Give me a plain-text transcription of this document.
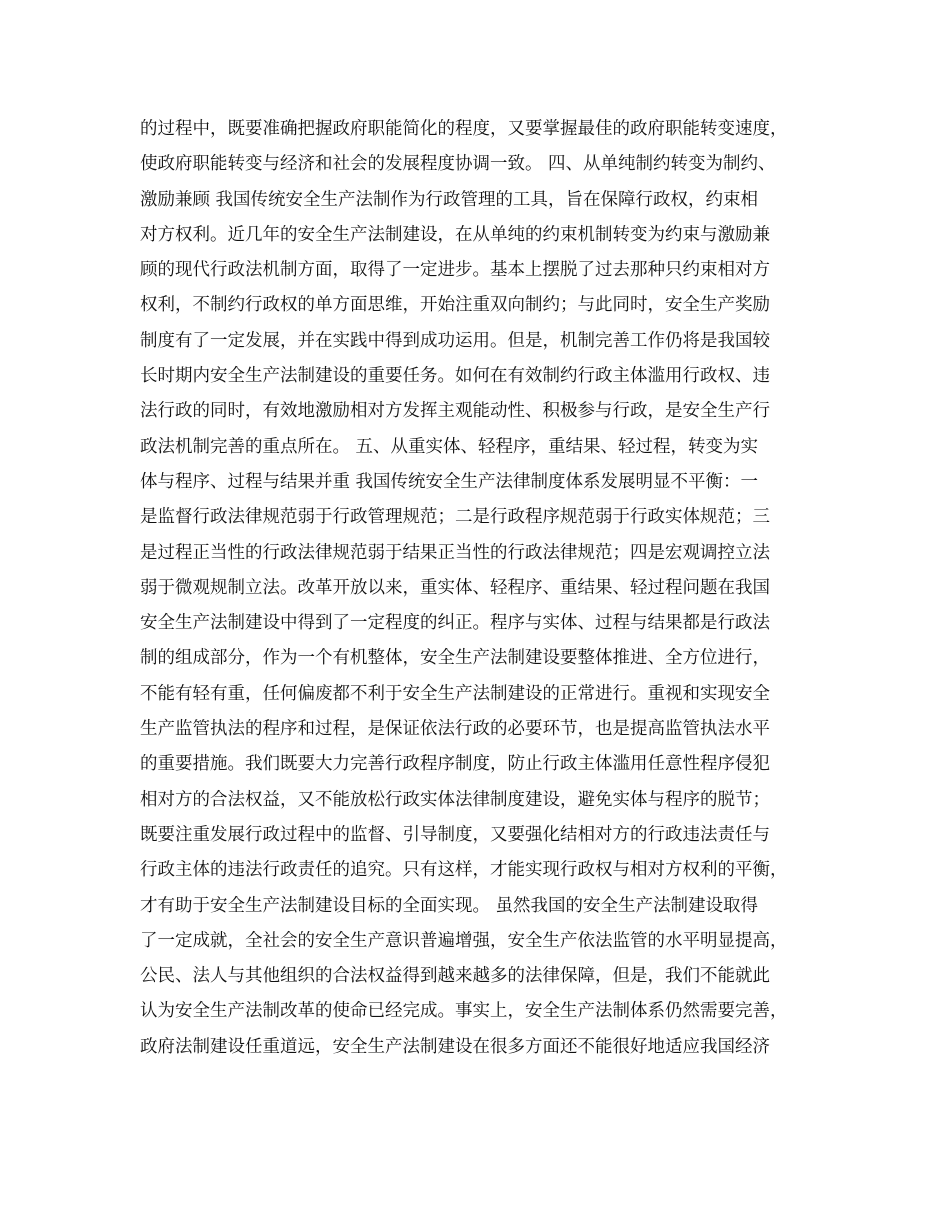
的过程中，既要准确把握政府职能简化的程度，又要掌握最佳的政府职能转变速度，
使政府职能转变与经济和社会的发展程度协调一致。 四、从单纯制约转变为制约、
激励兼顾 我国传统安全生产法制作为行政管理的工具，旨在保障行政权，约束相
对方权利。近几年的安全生产法制建设，在从单纯的约束机制转变为约束与激励兼
顾的现代行政法机制方面，取得了一定进步。基本上摆脱了过去那种只约束相对方
权利，不制约行政权的单方面思维，开始注重双向制约；与此同时，安全生产奖励
制度有了一定发展，并在实践中得到成功运用。但是，机制完善工作仍将是我国较
长时期内安全生产法制建设的重要任务。如何在有效制约行政主体滥用行政权、违
法行政的同时，有效地激励相对方发挥主观能动性、积极参与行政，是安全生产行
政法机制完善的重点所在。 五、从重实体、轻程序，重结果、轻过程，转变为实
体与程序、过程与结果并重 我国传统安全生产法律制度体系发展明显不平衡：一
是监督行政法律规范弱于行政管理规范；二是行政程序规范弱于行政实体规范；三
是过程正当性的行政法律规范弱于结果正当性的行政法律规范；四是宏观调控立法
弱于微观规制立法。改革开放以来，重实体、轻程序、重结果、轻过程问题在我国
安全生产法制建设中得到了一定程度的纠正。程序与实体、过程与结果都是行政法
制的组成部分，作为一个有机整体，安全生产法制建设要整体推进、全方位进行，
不能有轻有重，任何偏废都不利于安全生产法制建设的正常进行。重视和实现安全
生产监管执法的程序和过程，是保证依法行政的必要环节，也是提高监管执法水平
的重要措施。我们既要大力完善行政程序制度，防止行政主体滥用任意性程序侵犯
相对方的合法权益，又不能放松行政实体法律制度建设，避免实体与程序的脱节；
既要注重发展行政过程中的监督、引导制度，又要强化结相对方的行政违法责任与
行政主体的违法行政责任的追究。只有这样，才能实现行政权与相对方权利的平衡，
才有助于安全生产法制建设目标的全面实现。 虽然我国的安全生产法制建设取得
了一定成就，全社会的安全生产意识普遍增强，安全生产依法监管的水平明显提高，
公民、法人与其他组织的合法权益得到越来越多的法律保障，但是，我们不能就此
认为安全生产法制改革的使命已经完成。事实上，安全生产法制体系仍然需要完善，
政府法制建设任重道远，安全生产法制建设在很多方面还不能很好地适应我国经济
